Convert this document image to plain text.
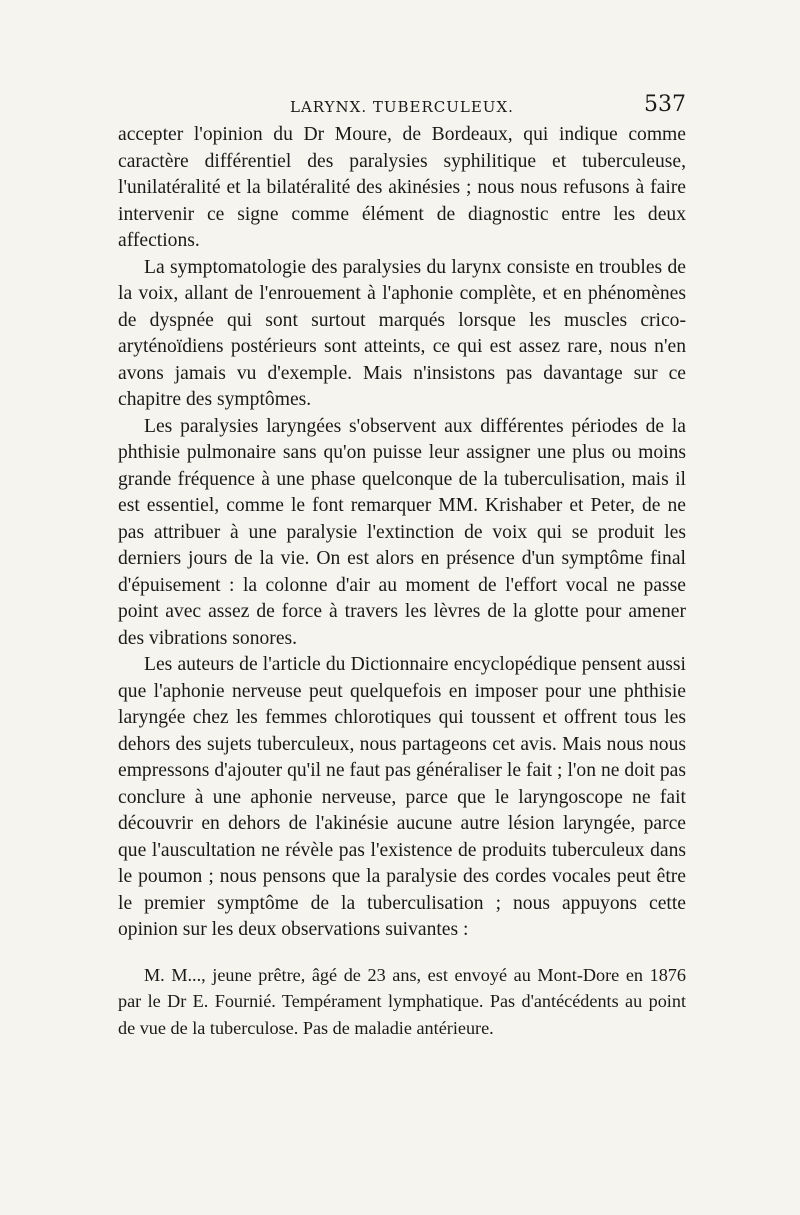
LARYNX. TUBERCULEUX.	537

accepter l'opinion du Dr Moure, de Bordeaux, qui indique comme caractère différentiel des paralysies syphilitique et tuberculeuse, l'unilatéralité et la bilatéralité des akinésies ; nous nous refusons à faire intervenir ce signe comme élément de diagnostic entre les deux affections.

La symptomatologie des paralysies du larynx consiste en troubles de la voix, allant de l'enrouement à l'aphonie complète, et en phénomènes de dyspnée qui sont surtout marqués lorsque les muscles crico-aryténoïdiens postérieurs sont atteints, ce qui est assez rare, nous n'en avons jamais vu d'exemple. Mais n'insistons pas davantage sur ce chapitre des symptômes.

Les paralysies laryngées s'observent aux différentes périodes de la phthisie pulmonaire sans qu'on puisse leur assigner une plus ou moins grande fréquence à une phase quelconque de la tuberculisation, mais il est essentiel, comme le font remarquer MM. Krishaber et Peter, de ne pas attribuer à une paralysie l'extinction de voix qui se produit les derniers jours de la vie. On est alors en présence d'un symptôme final d'épuisement : la colonne d'air au moment de l'effort vocal ne passe point avec assez de force à travers les lèvres de la glotte pour amener des vibrations sonores.

Les auteurs de l'article du Dictionnaire encyclopédique pensent aussi que l'aphonie nerveuse peut quelquefois en imposer pour une phthisie laryngée chez les femmes chlorotiques qui toussent et offrent tous les dehors des sujets tuberculeux, nous partageons cet avis. Mais nous nous empressons d'ajouter qu'il ne faut pas généraliser le fait ; l'on ne doit pas conclure à une aphonie nerveuse, parce que le laryngoscope ne fait découvrir en dehors de l'akinésie aucune autre lésion laryngée, parce que l'auscultation ne révèle pas l'existence de produits tuberculeux dans le poumon ; nous pensons que la paralysie des cordes vocales peut être le premier symptôme de la tuberculisation ; nous appuyons cette opinion sur les deux observations suivantes :

M. M..., jeune prêtre, âgé de 23 ans, est envoyé au Mont-Dore en 1876 par le Dr E. Fournié. Tempérament lymphatique. Pas d'antécédents au point de vue de la tuberculose. Pas de maladie antérieure.
